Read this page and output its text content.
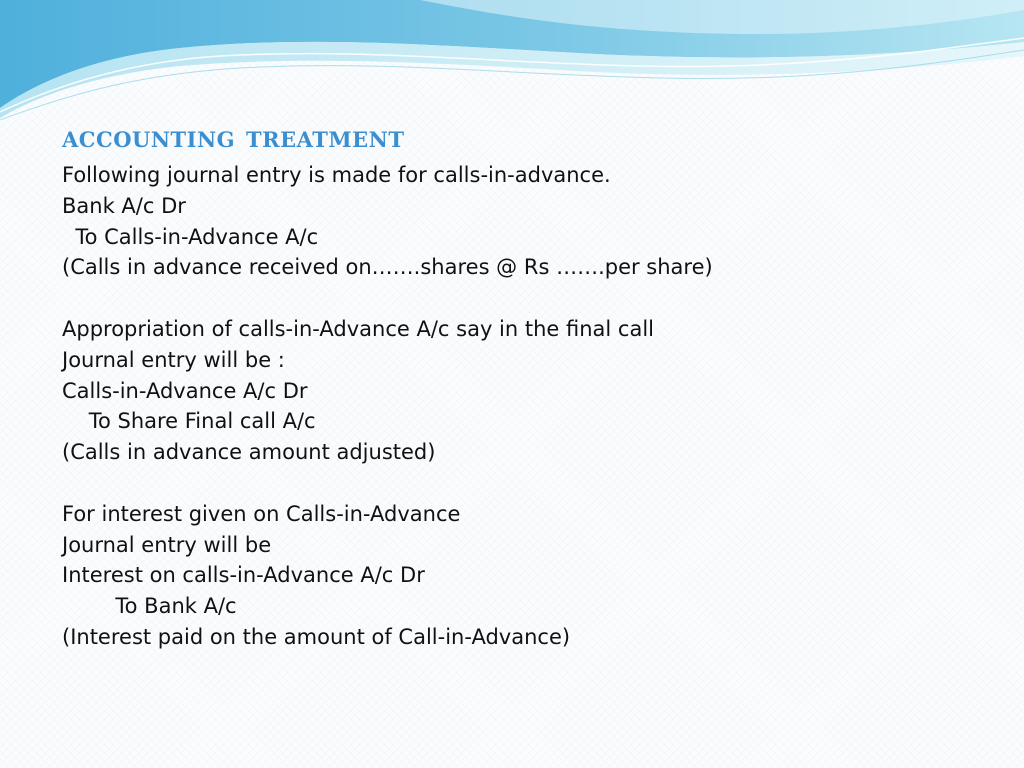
accounting treatment
Following journal entry is made for calls-in-advance.
Bank A/c Dr
To Calls-in-Advance A/c
(Calls in advance received on…….shares @ Rs …….per share)
Appropriation of calls-in-Advance A/c say in the final call
Journal entry will be :
Calls-in-Advance A/c Dr
To Share Final call A/c
(Calls in advance amount adjusted)
For interest given on Calls-in-Advance
Journal entry will be
Interest on calls-in-Advance A/c Dr
To Bank A/c
(Interest paid on the amount of Call-in-Advance)
